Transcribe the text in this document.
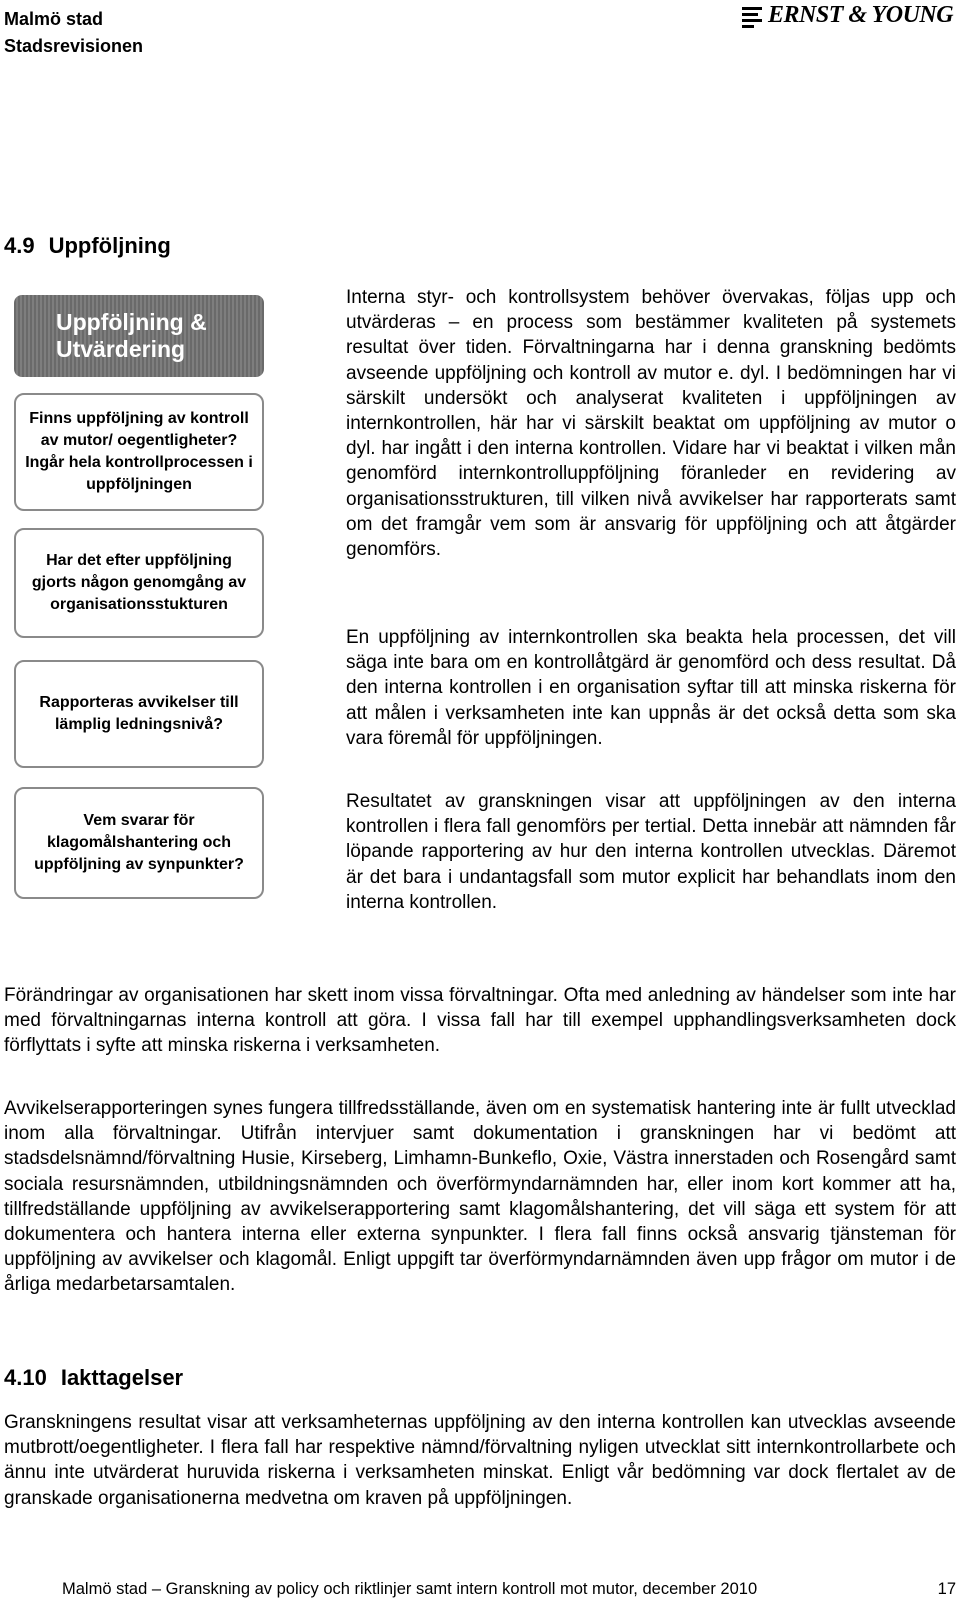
Malmö stad
Stadsrevisionen
ERNST & YOUNG
4.9 Uppföljning
Uppföljning & Utvärdering
Finns uppföljning av kontroll av mutor/ oegentligheter? Ingår hela kontrollprocessen i uppföljningen
Har det efter uppföljning gjorts någon genomgång av organisationsstukturen
Rapporteras avvikelser till lämplig ledningsnivå?
Vem svarar för klagomålshantering och uppföljning av synpunkter?

Interna styr- och kontrollsystem behöver övervakas, följas upp och utvärderas – en process som bestämmer kvaliteten på systemets resultat över tiden. Förvaltningarna har i denna granskning bedömts avseende uppföljning och kontroll av mutor e. dyl. I bedömningen har vi särskilt undersökt och analyserat kvaliteten i uppföljningen av internkontrollen, här har vi särskilt beaktat om uppföljning av mutor o dyl. har ingått i den interna kontrollen. Vidare har vi beaktat i vilken mån genomförd internkontrolluppföljning föranleder en revidering av organisationsstrukturen, till vilken nivå avvikelser har rapporterats samt om det framgår vem som är ansvarig för uppföljning och att åtgärder genomförs.

En uppföljning av internkontrollen ska beakta hela processen, det vill säga inte bara om en kontrollåtgärd är genomförd och dess resultat. Då den interna kontrollen i en organisation syftar till att minska riskerna för att målen i verksamheten inte kan uppnås är det också detta som ska vara föremål för uppföljningen.

Resultatet av granskningen visar att uppföljningen av den interna kontrollen i flera fall genomförs per tertial. Detta innebär att nämnden får löpande rapportering av hur den interna kontrollen utvecklas. Däremot är det bara i undantagsfall som mutor explicit har behandlats inom den interna kontrollen.

Förändringar av organisationen har skett inom vissa förvaltningar. Ofta med anledning av händelser som inte har med förvaltningarnas interna kontroll att göra. I vissa fall har till exempel upphandlingsverksamheten dock förflyttats i syfte att minska riskerna i verksamheten.

Avvikelserapporteringen synes fungera tillfredsställande, även om en systematisk hantering inte är fullt utvecklad inom alla förvaltningar. Utifrån intervjuer samt dokumentation i granskningen har vi bedömt att stadsdelsnämnd/förvaltning Husie, Kirseberg, Limhamn-Bunkeflo, Oxie, Västra innerstaden och Rosengård samt sociala resursnämnden, utbildningsnämnden och överförmyndarnämnden har, eller inom kort kommer att ha, tillfredställande uppföljning av avvikelserapportering samt klagomålshantering, det vill säga ett system för att dokumentera och hantera interna eller externa synpunkter. I flera fall finns också ansvarig tjänsteman för uppföljning av avvikelser och klagomål. Enligt uppgift tar överförmyndarnämnden även upp frågor om mutor i de årliga medarbetarsamtalen.

4.10 Iakttagelser

Granskningens resultat visar att verksamheternas uppföljning av den interna kontrollen kan utvecklas avseende mutbrott/oegentligheter. I flera fall har respektive nämnd/förvaltning nyligen utvecklat sitt internkontrollarbete och ännu inte utvärderat huruvida riskerna i verksamheten minskat. Enligt vår bedömning var dock flertalet av de granskade organisationerna medvetna om kraven på uppföljningen.

Malmö stad – Granskning av policy och riktlinjer samt intern kontroll mot mutor, december 2010	17
